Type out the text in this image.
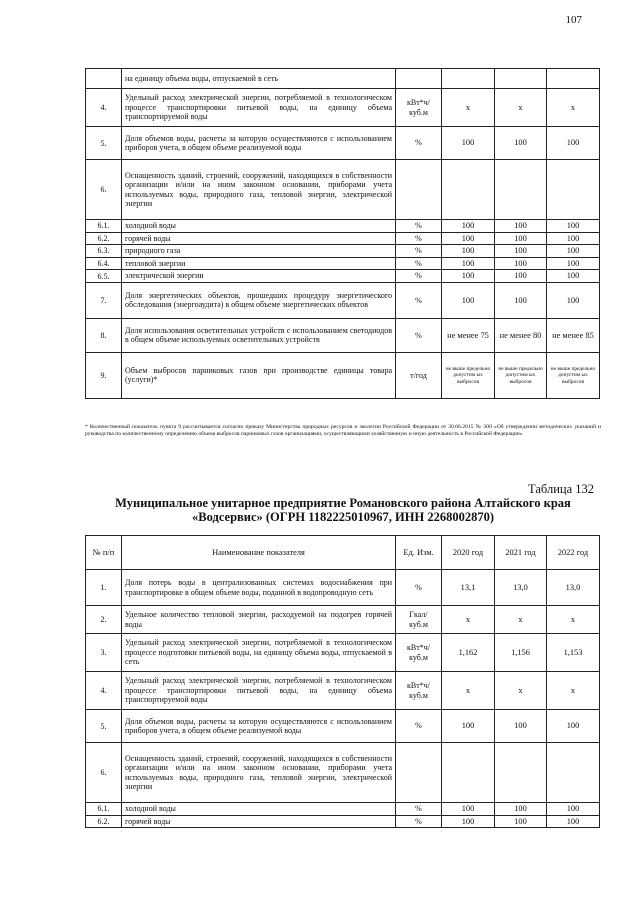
107
	на единицу объема воды, отпускаемой в сеть				
4.	Удельный расход электрической энергии, потребляемой в технологическом процессе транспортировки питьевой воды, на единицу объема транспортируемой воды	кВт*ч/ куб.м	х	х	х
5.	Доля объемов воды, расчеты за которую осуществляются с использованием приборов учета, в общем объеме реализуемой воды	%	100	100	100
6.	Оснащенность зданий, строений, сооружений, находящихся в собственности организации и/или на ином законном основании, приборами учета используемых воды, природного газа, тепловой энергии, электрической энергии				
6.1.	холодной воды	%	100	100	100
6.2.	горячей воды	%	100	100	100
6.3.	природного газа	%	100	100	100
6.4.	тепловой энергии	%	100	100	100
6.5.	электрической энергии	%	100	100	100
7.	Доля энергетических объектов, прошедших процедуру энергетического обследования (энергоаудита) в общем объеме энергетических объектов	%	100	100	100
8.	Доля использования осветительных устройств с использованием светодиодов в общем объеме используемых осветительных устройств	%	не менее 75	не менее 80	не менее 85
9.	Объем выбросов парниковых газов при производстве единицы товара (услуги)*	т/год	не выше предельно допустим ых выбросов	не выше предельно допустим ых выбросов	не выше предельно допустим ых выбросов
* Количественный показатель пункта 9 рассчитывается согласно приказу Министерства природных ресурсов и экологии Российской Федерации от 30.06.2015 № 300 «Об утверждении методических указаний и руководства по количественному определению объема выбросов парниковых газов организациями, осуществляющими хозяйственную и иную деятельность в Российской Федерации»
Таблица 132
Муниципальное унитарное предприятие Романовского района Алтайского края «Водсервис» (ОГРН 1182225010967, ИНН 2268002870)
№ п/п	Наименование показателя	Ед. Изм.	2020 год	2021 год	2022 год
1.	Доля потерь воды в централизованных системах водоснабжения при транспортировке в общем объеме воды, поданной в водопроводную сеть	%	13,1	13,0	13,0
2.	Удельное количество тепловой энергии, расходуемой на подогрев горячей воды	Гкал/ куб.м	х	х	х
3.	Удельный расход электрической энергии, потребляемой в технологическом процессе подготовки питьевой воды, на единицу объема воды, отпускаемой в сеть	кВт*ч/ куб.м	1,162	1,156	1,153
4.	Удельный расход электрической энергии, потребляемой в технологическом процессе транспортировки питьевой воды, на единицу объема транспортируемой воды	кВт*ч/ куб.м	х	х	х
5.	Доля объемов воды, расчеты за которую осуществляются с использованием приборов учета, в общем объеме реализуемой воды	%	100	100	100
6.	Оснащенность зданий, строений, сооружений, находящихся в собственности организации и/или на ином законном основании, приборами учета используемых воды, природного газа, тепловой энергии, электрической энергии				
6.1.	холодной воды	%	100	100	100
6.2.	горячей воды	%	100	100	100
